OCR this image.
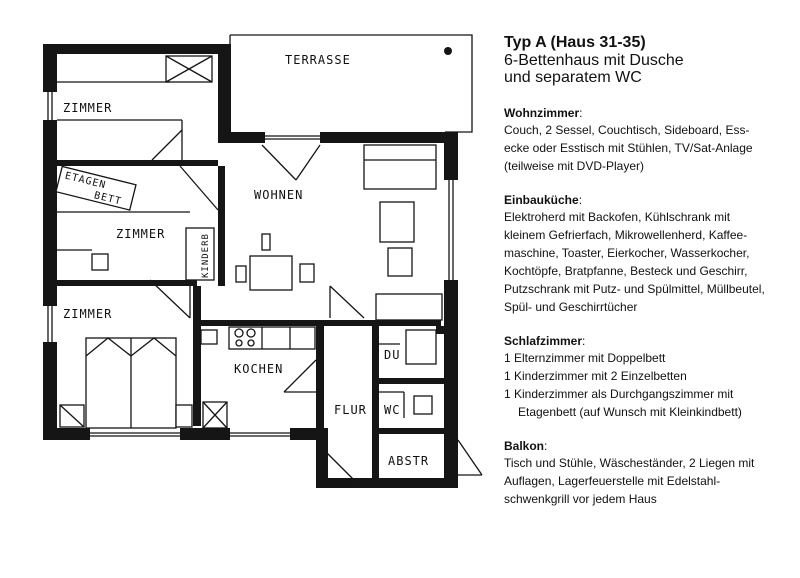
TERRASSE
ZIMMER
ETAGEN
BETT
KINDERB
ZIMMER
ZIMMER
WOHNEN
KOCHEN
FLUR
DU
WC
ABSTR

Typ A (Haus 31-35)

6-Bettenhaus mit Dusche

und separatem WC

Wohnzimmer:

Couch, 2 Sessel, Couchtisch, Sideboard, Ess-
ecke oder Esstisch mit Stühlen, TV/Sat-Anlage
(teilweise mit DVD-Player)

Einbauküche:

Elektroherd mit Backofen, Kühlschrank mit
kleinem Gefrierfach, Mikrowellenherd, Kaffee-
maschine, Toaster, Eierkocher, Wasserkocher,
Kochtöpfe, Bratpfanne, Besteck und Geschirr,
Putzschrank mit Putz- und Spülmittel, Müllbeutel,
Spül- und Geschirrtücher

Schlafzimmer:

1 Elternzimmer mit Doppelbett
1 Kinderzimmer mit 2 Einzelbetten
1 Kinderzimmer als Durchgangszimmer mit
Etagenbett (auf Wunsch mit Kleinkindbett)

Balkon:

Tisch und Stühle, Wäscheständer, 2 Liegen mit
Auflagen, Lagerfeuerstelle mit Edelstahl-
schwenkgrill vor jedem Haus
